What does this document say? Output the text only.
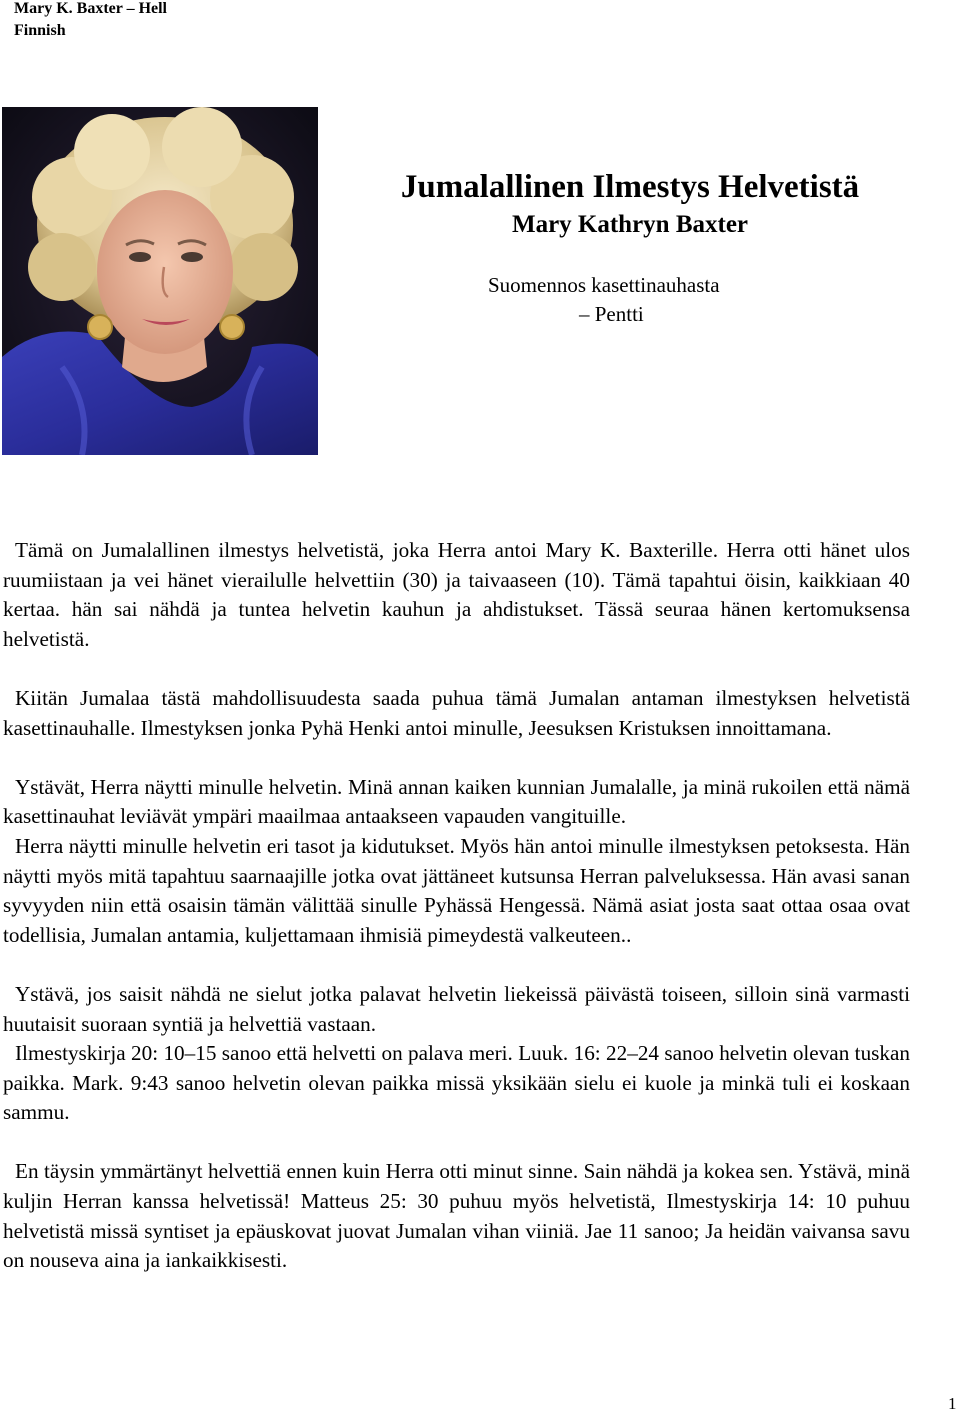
Mary K. Baxter – Hell
Finnish
Jumalallinen Ilmestys Helvetistä
Mary Kathryn Baxter
Suomennos kasettinauhasta
– Pentti

Tämä on Jumalallinen ilmestys helvetistä, joka Herra antoi Mary K. Baxterille. Herra otti hänet ulos ruumiistaan ja vei hänet vierailulle helvettiin (30) ja taivaaseen (10). Tämä tapahtui öisin, kaikkiaan 40 kertaa. hän sai nähdä ja tuntea helvetin kauhun ja ahdistukset. Tässä seuraa hänen kertomuksensa helvetistä.

Kiitän Jumalaa tästä mahdollisuudesta saada puhua tämä Jumalan antaman ilmestyksen helvetistä kasettinauhalle. Ilmestyksen jonka Pyhä Henki antoi minulle, Jeesuksen Kristuksen innoittamana.

Ystävät, Herra näytti minulle helvetin. Minä annan kaiken kunnian Jumalalle, ja minä rukoilen että nämä kasettinauhat leviävät ympäri maailmaa antaakseen vapauden vangituille.

Herra näytti minulle helvetin eri tasot ja kidutukset. Myös hän antoi minulle ilmestyksen petoksesta. Hän näytti myös mitä tapahtuu saarnaajille jotka ovat jättäneet kutsunsa Herran palveluksessa. Hän avasi sanan syvyyden niin että osaisin tämän välittää sinulle Pyhässä Hengessä. Nämä asiat josta saat ottaa osaa ovat todellisia, Jumalan antamia, kuljettamaan ihmisiä pimeydestä valkeuteen..

Ystävä, jos saisit nähdä ne sielut jotka palavat helvetin liekeissä päivästä toiseen, silloin sinä varmasti huutaisit suoraan syntiä ja helvettiä vastaan.

Ilmestyskirja 20: 10–15 sanoo että helvetti on palava meri. Luuk. 16: 22–24 sanoo helvetin olevan tuskan paikka. Mark. 9:43 sanoo helvetin olevan paikka missä yksikään sielu ei kuole ja minkä tuli ei koskaan sammu.

En täysin ymmärtänyt helvettiä ennen kuin Herra otti minut sinne. Sain nähdä ja kokea sen. Ystävä, minä kuljin Herran kanssa helvetissä! Matteus 25: 30 puhuu myös helvetistä, Ilmestyskirja 14: 10 puhuu helvetistä missä syntiset ja epäuskovat juovat Jumalan vihan viiniä. Jae 11 sanoo; Ja heidän vaivansa savu on nouseva aina ja iankaikkisesti.

1
